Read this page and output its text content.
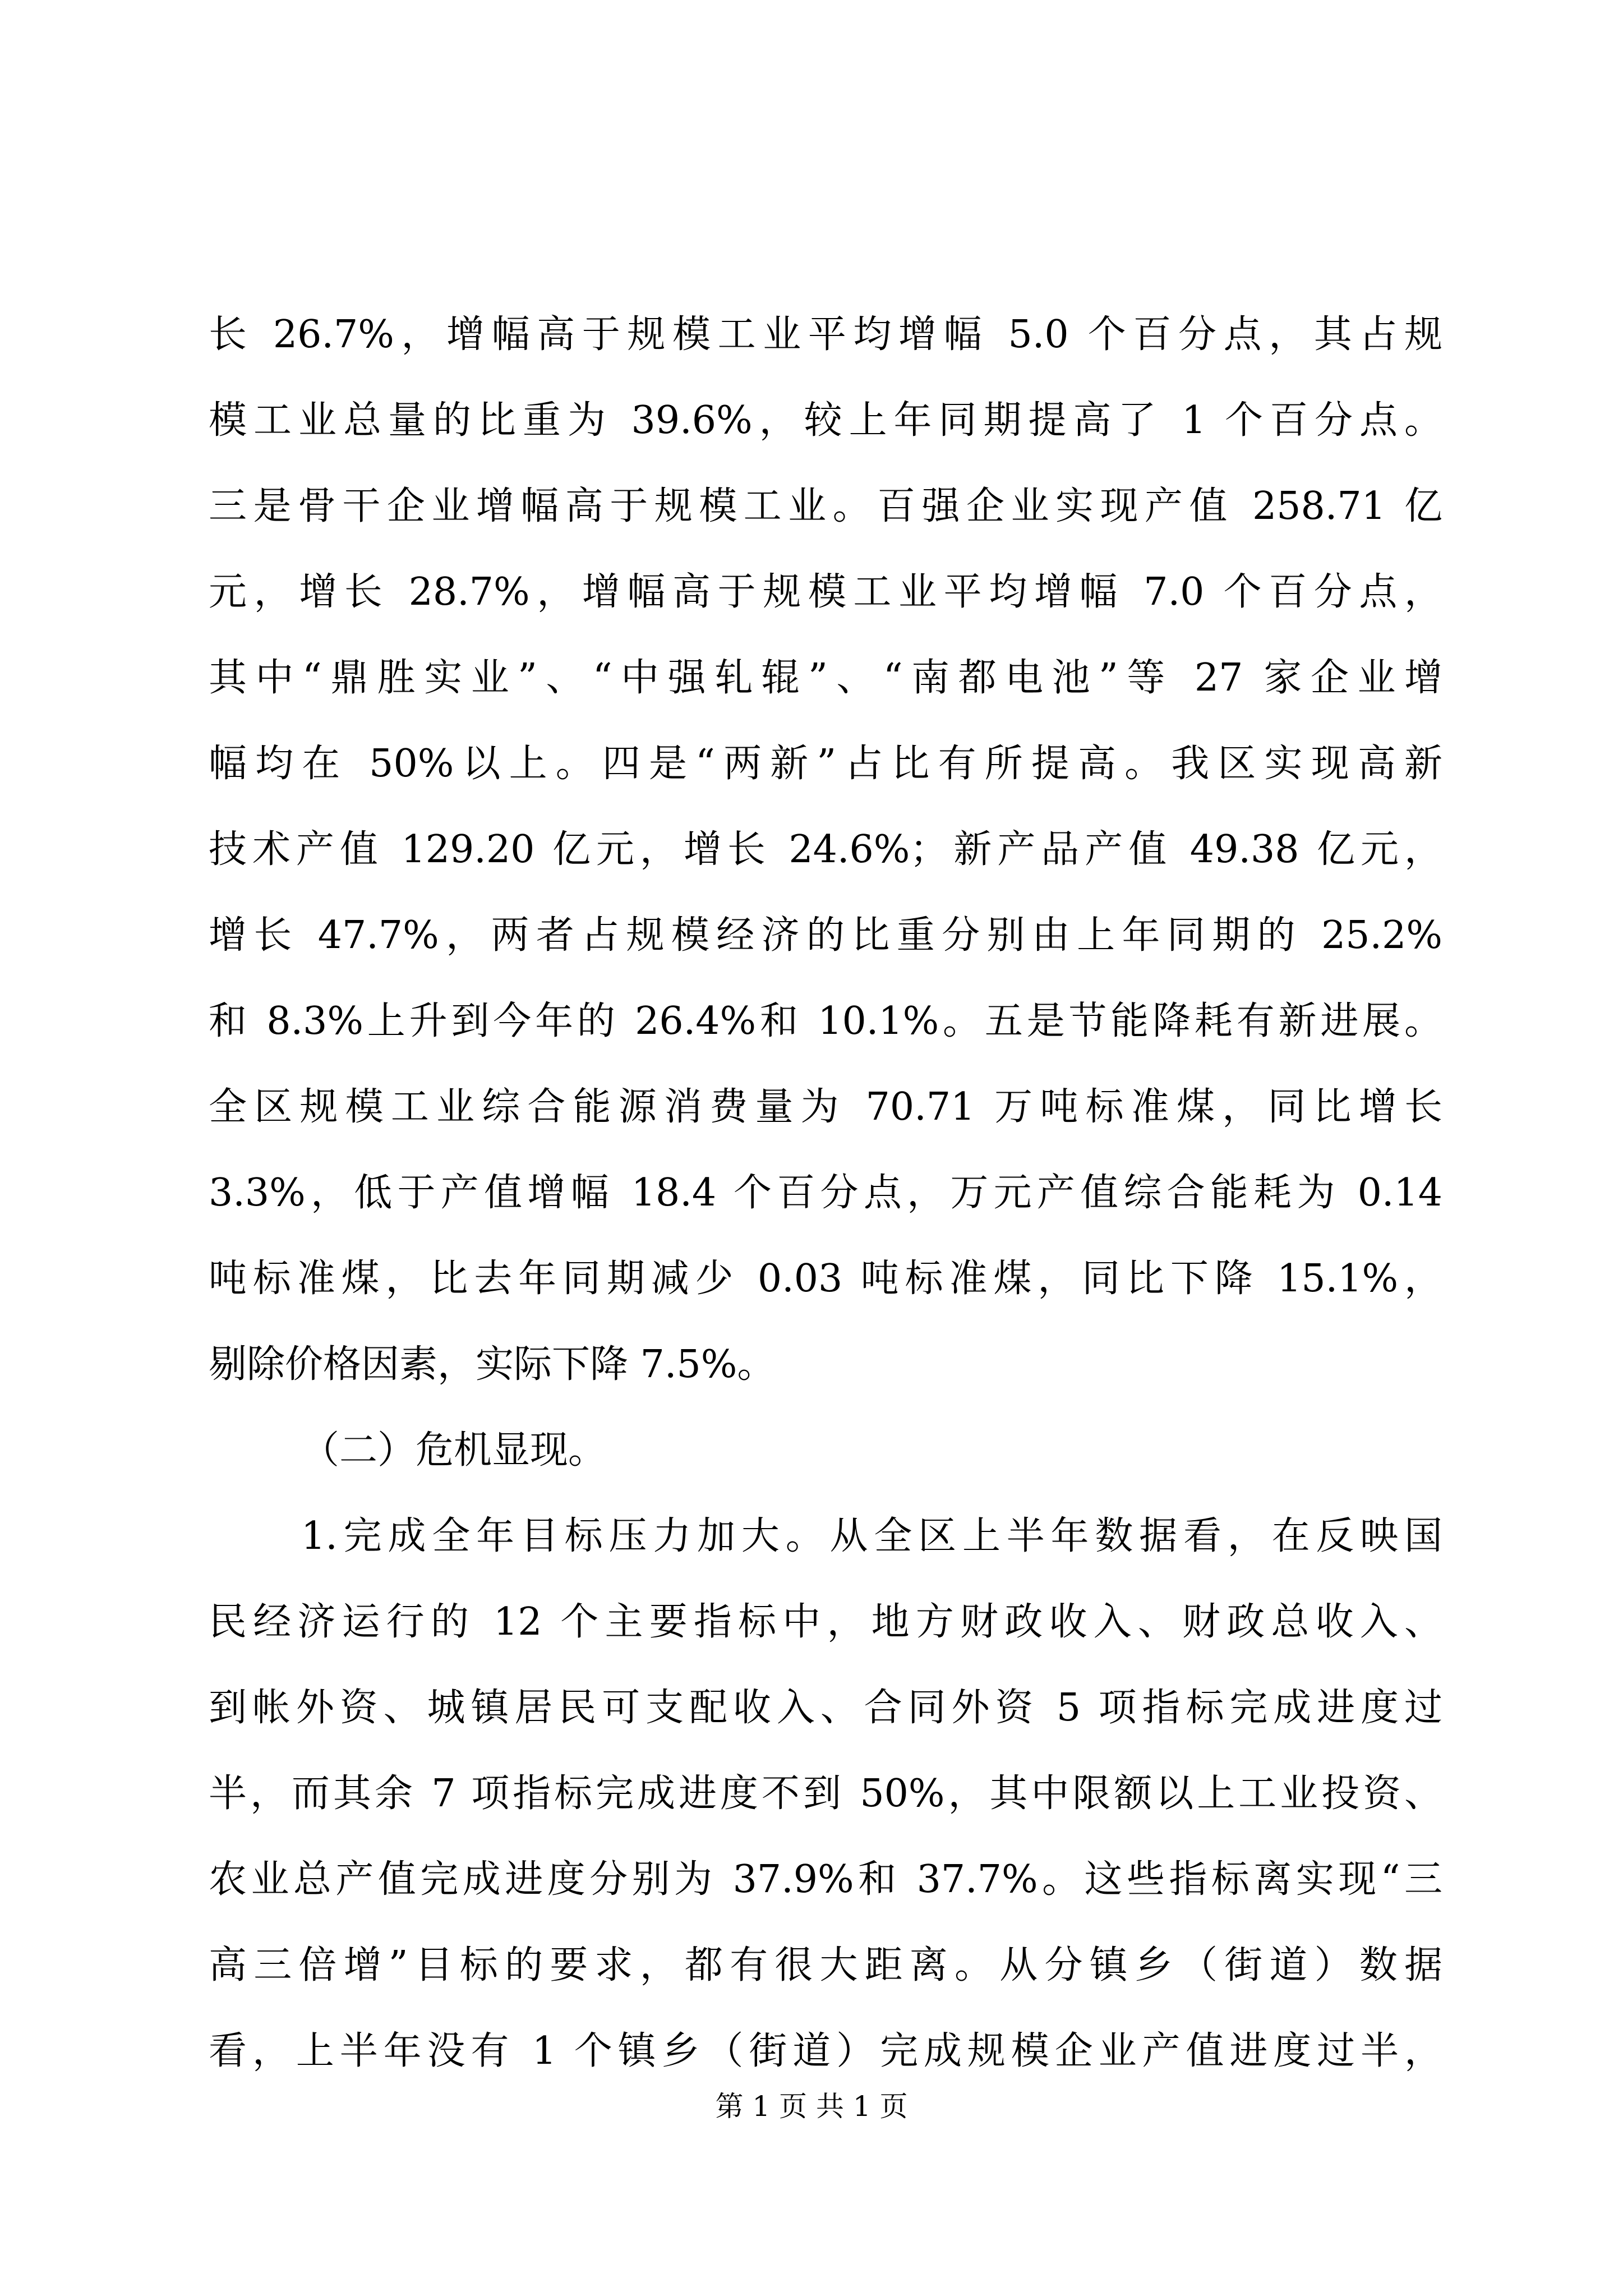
长 26.7%，增幅高于规模工业平均增幅 5.0 个百分点，其占规
模工业总量的比重为 39.6%，较上年同期提高了 1 个百分点。
三是骨干企业增幅高于规模工业。百强企业实现产值 258.71 亿
元，增长 28.7%，增幅高于规模工业平均增幅 7.0 个百分点，
其中“鼎胜实业”、“中强轧辊”、“南都电池”等 27 家企业增
幅均在 50%以上。四是“两新”占比有所提高。我区实现高新
技术产值 129.20 亿元，增长 24.6%；新产品产值 49.38 亿元，
增长 47.7%，两者占规模经济的比重分别由上年同期的 25.2%
和 8.3%上升到今年的 26.4%和 10.1%。五是节能降耗有新进展。
全区规模工业综合能源消费量为 70.71 万吨标准煤，同比增长
3.3%，低于产值增幅 18.4 个百分点，万元产值综合能耗为 0.14
吨标准煤，比去年同期减少 0.03 吨标准煤，同比下降 15.1%，
剔除价格因素，实际下降 7.5%。
（二）危机显现。
1.完成全年目标压力加大。从全区上半年数据看，在反映国
民经济运行的 12 个主要指标中，地方财政收入、财政总收入、
到帐外资、城镇居民可支配收入、合同外资 5 项指标完成进度过
半，而其余 7 项指标完成进度不到 50%，其中限额以上工业投资、
农业总产值完成进度分别为 37.9%和 37.7%。这些指标离实现“三
高三倍增”目标的要求，都有很大距离。从分镇乡（街道）数据
看，上半年没有 1 个镇乡（街道）完成规模企业产值进度过半，
第 1 页 共 1 页
